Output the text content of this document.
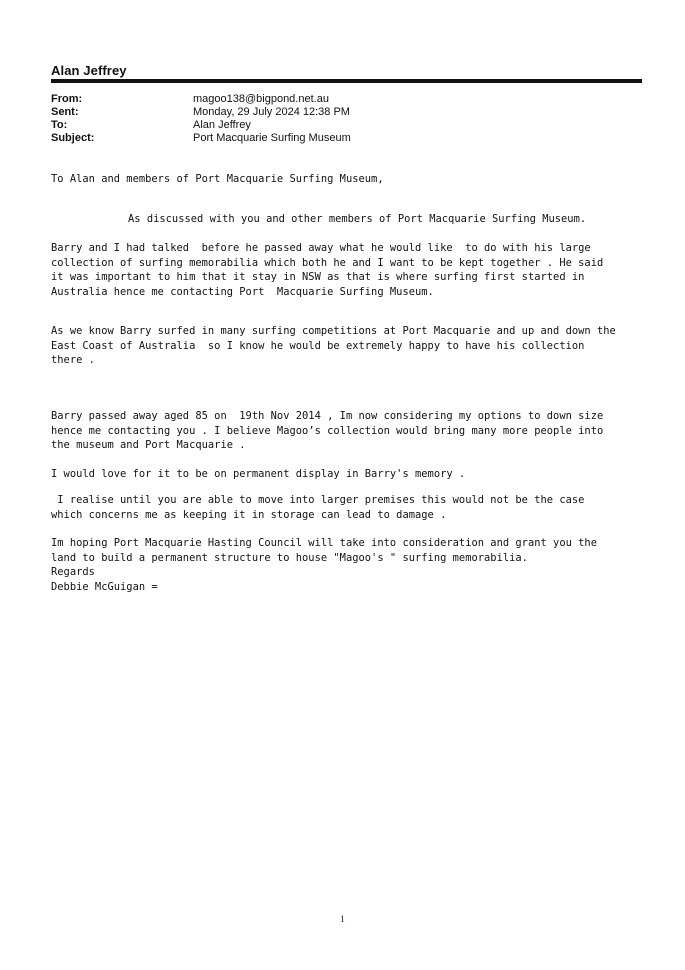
Alan Jeffrey
From:	magoo138@bigpond.net.au
Sent:	Monday, 29 July 2024 12:38 PM
To:	Alan Jeffrey
Subject:	Port Macquarie Surfing Museum
To Alan and members of Port Macquarie Surfing Museum,
As discussed with you and other members of Port Macquarie Surfing Museum.
Barry and I had talked  before he passed away what he would like  to do with his large
collection of surfing memorabilia which both he and I want to be kept together . He said
it was important to him that it stay in NSW as that is where surfing first started in
Australia hence me contacting Port  Macquarie Surfing Museum.
As we know Barry surfed in many surfing competitions at Port Macquarie and up and down the
East Coast of Australia  so I know he would be extremely happy to have his collection
there .
Barry passed away aged 85 on  19th Nov 2014 , Im now considering my options to down size
hence me contacting you . I believe Magoo’s collection would bring many more people into
the museum and Port Macquarie .
I would love for it to be on permanent display in Barry's memory .
I realise until you are able to move into larger premises this would not be the case
which concerns me as keeping it in storage can lead to damage .
Im hoping Port Macquarie Hasting Council will take into consideration and grant you the
land to build a permanent structure to house "Magoo's " surfing memorabilia.
Regards
Debbie McGuigan =
1
